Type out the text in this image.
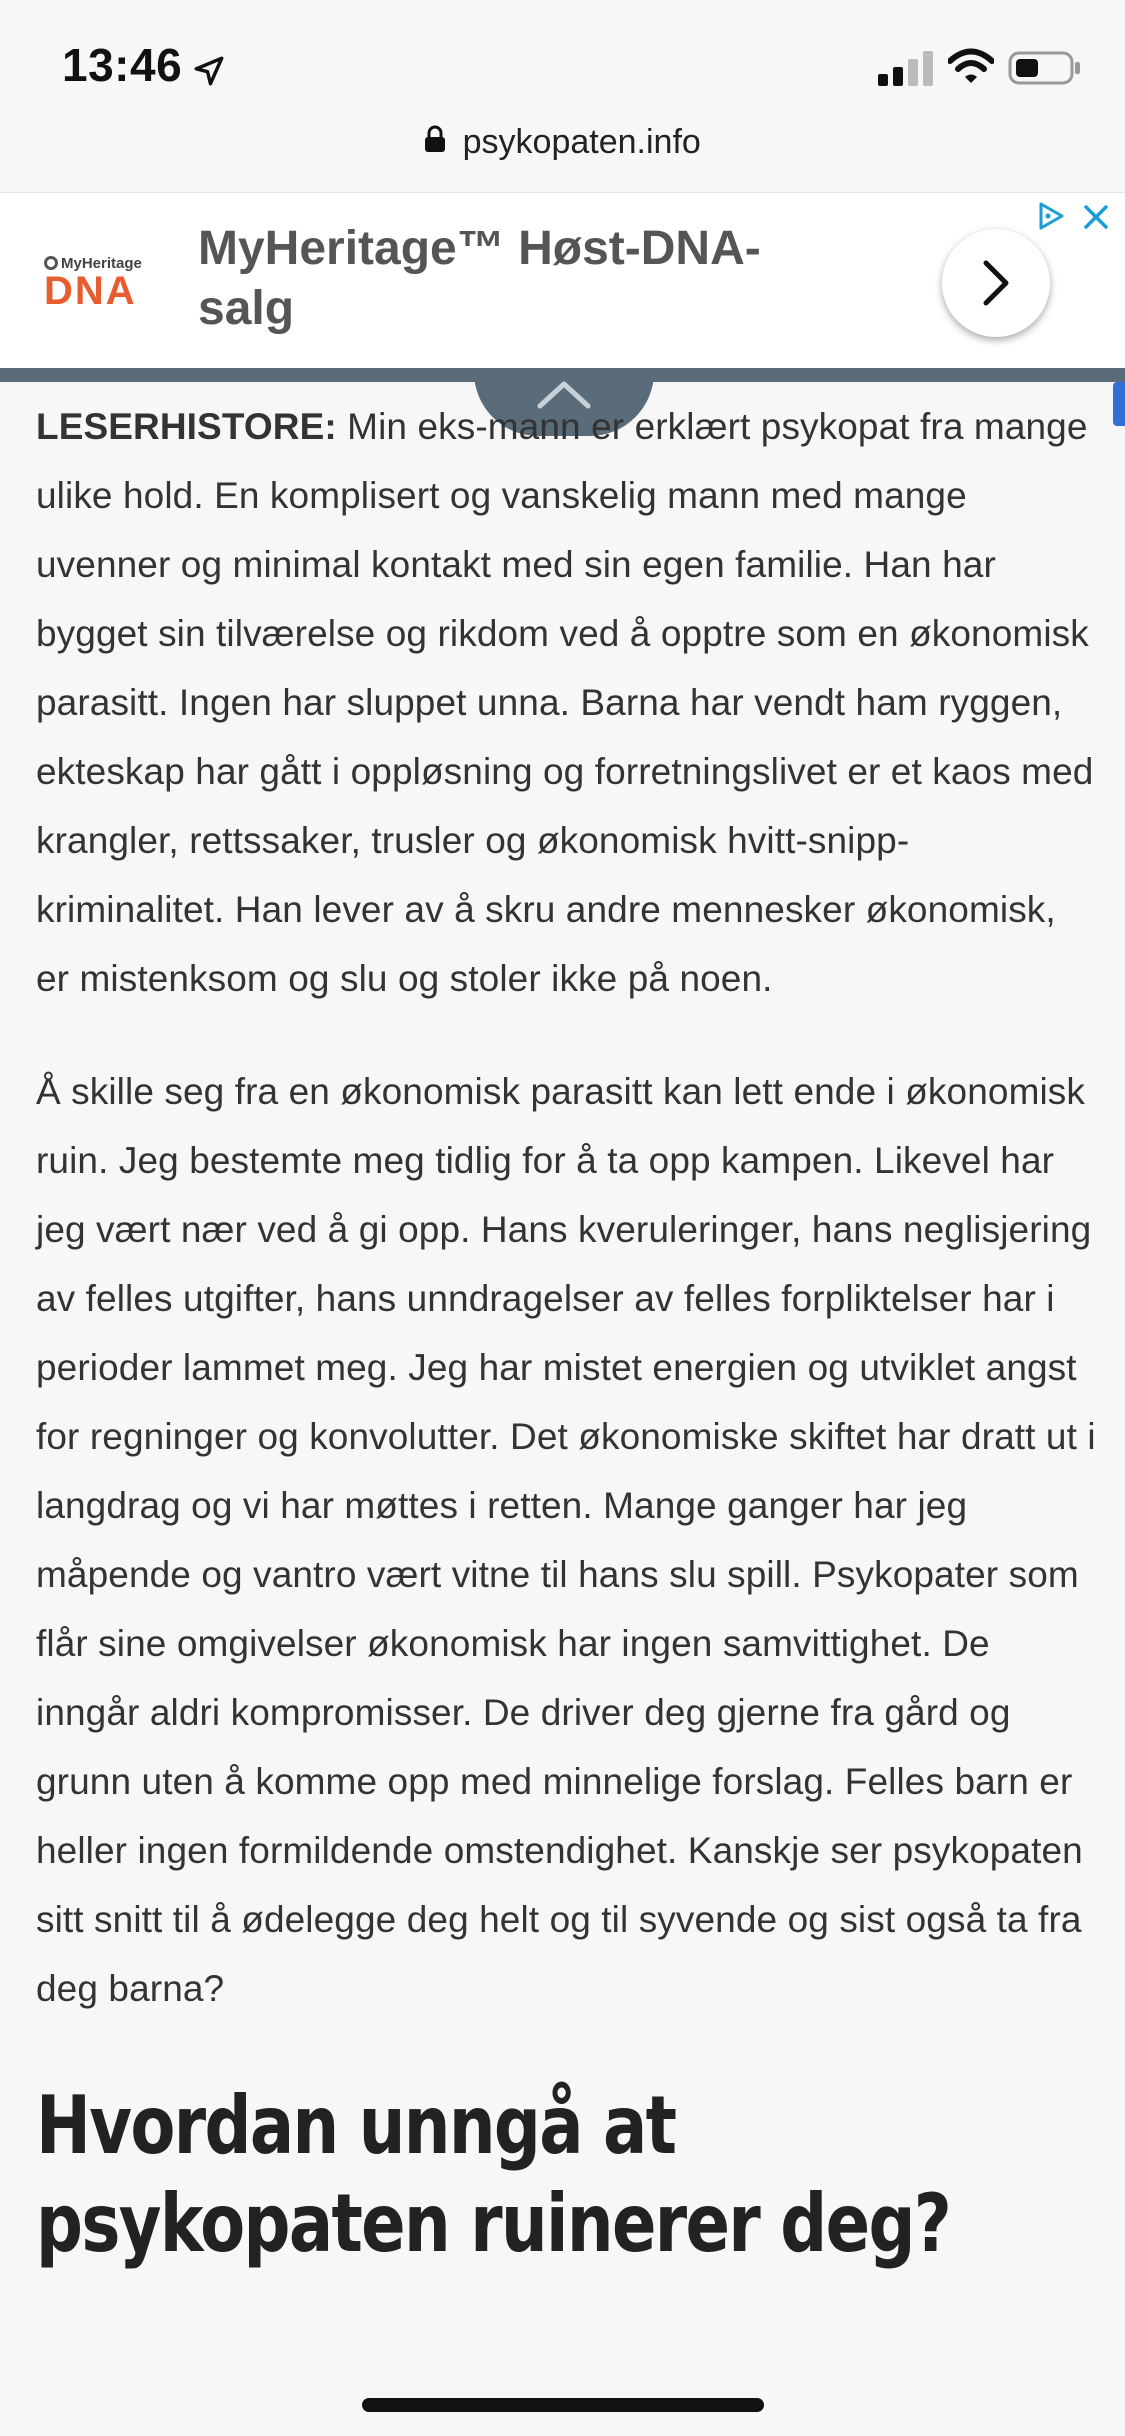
13:46
psykopaten.info
MyHeritage
DNA
MyHeritage™ Høst-DNA-salg

LESERHISTORE: Min eks-mann er erklært psykopat fra mange ulike hold. En komplisert og vanskelig mann med mange uvenner og minimal kontakt med sin egen familie. Han har bygget sin tilværelse og rikdom ved å opptre som en økonomisk parasitt. Ingen har sluppet unna. Barna har vendt ham ryggen, ekteskap har gått i oppløsning og forretningslivet er et kaos med krangler, rettssaker, trusler og økonomisk hvitt-snipp-kriminalitet. Han lever av å skru andre mennesker økonomisk, er mistenksom og slu og stoler ikke på noen.

Å skille seg fra en økonomisk parasitt kan lett ende i økonomisk ruin. Jeg bestemte meg tidlig for å ta opp kampen. Likevel har jeg vært nær ved å gi opp. Hans kveruleringer, hans neglisjering av felles utgifter, hans unndragelser av felles forpliktelser har i perioder lammet meg. Jeg har mistet energien og utviklet angst for regninger og konvolutter. Det økonomiske skiftet har dratt ut i langdrag og vi har møttes i retten. Mange ganger har jeg måpende og vantro vært vitne til hans slu spill. Psykopater som flår sine omgivelser økonomisk har ingen samvittighet. De inngår aldri kompromisser. De driver deg gjerne fra gård og grunn uten å komme opp med minnelige forslag. Felles barn er heller ingen formildende omstendighet. Kanskje ser psykopaten sitt snitt til å ødelegge deg helt og til syvende og sist også ta fra deg barna?

Hvordan unngå at psykopaten ruinerer deg?
